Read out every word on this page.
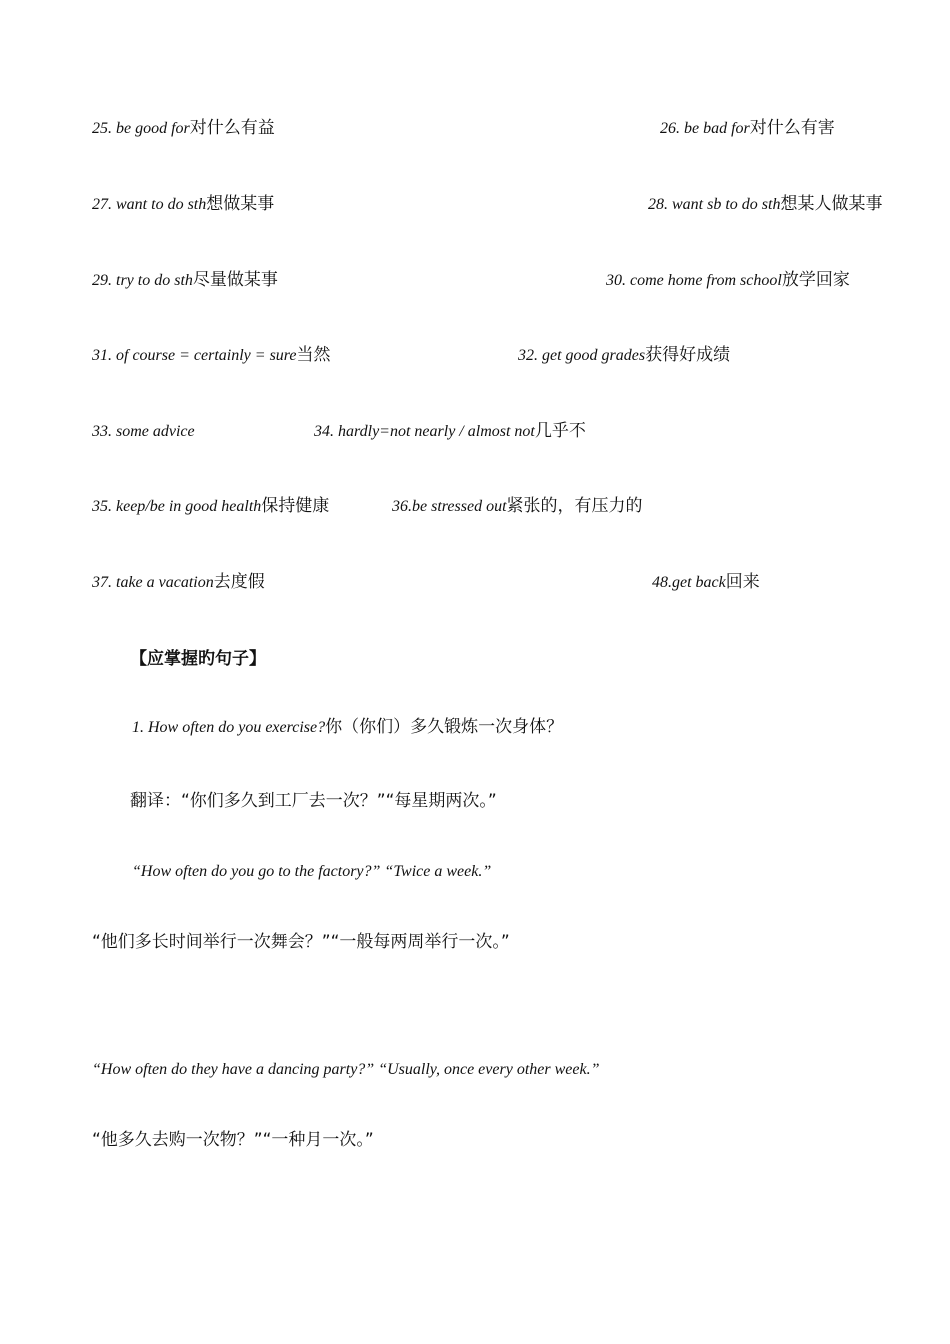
25. be good for对什么有益	26. be bad for对什么有害
27. want to do sth想做某事	28. want sb to do sth想某人做某事
29. try to do sth尽量做某事	30. come home from school放学回家
31. of course = certainly = sure当然	32. get good grades获得好成绩
33. some advice	34. hardly=not nearly / almost not几乎不
35. keep/be in good health保持健康	36.be stressed out紧张的，有压力的
37. take a vacation去度假	48.get back回来
【应掌握旳句子】
1. How often do you exercise?你（你们）多久锻炼一次身体？
翻译：“你们多久到工厂去一次？”“每星期两次。”
“How often do you go to the factory?” “Twice a week.”
“他们多长时间举行一次舞会？”“一般每两周举行一次。”
“How often do they have a dancing party?” “Usually, once every other week.”
“他多久去购一次物？”“一种月一次。”
